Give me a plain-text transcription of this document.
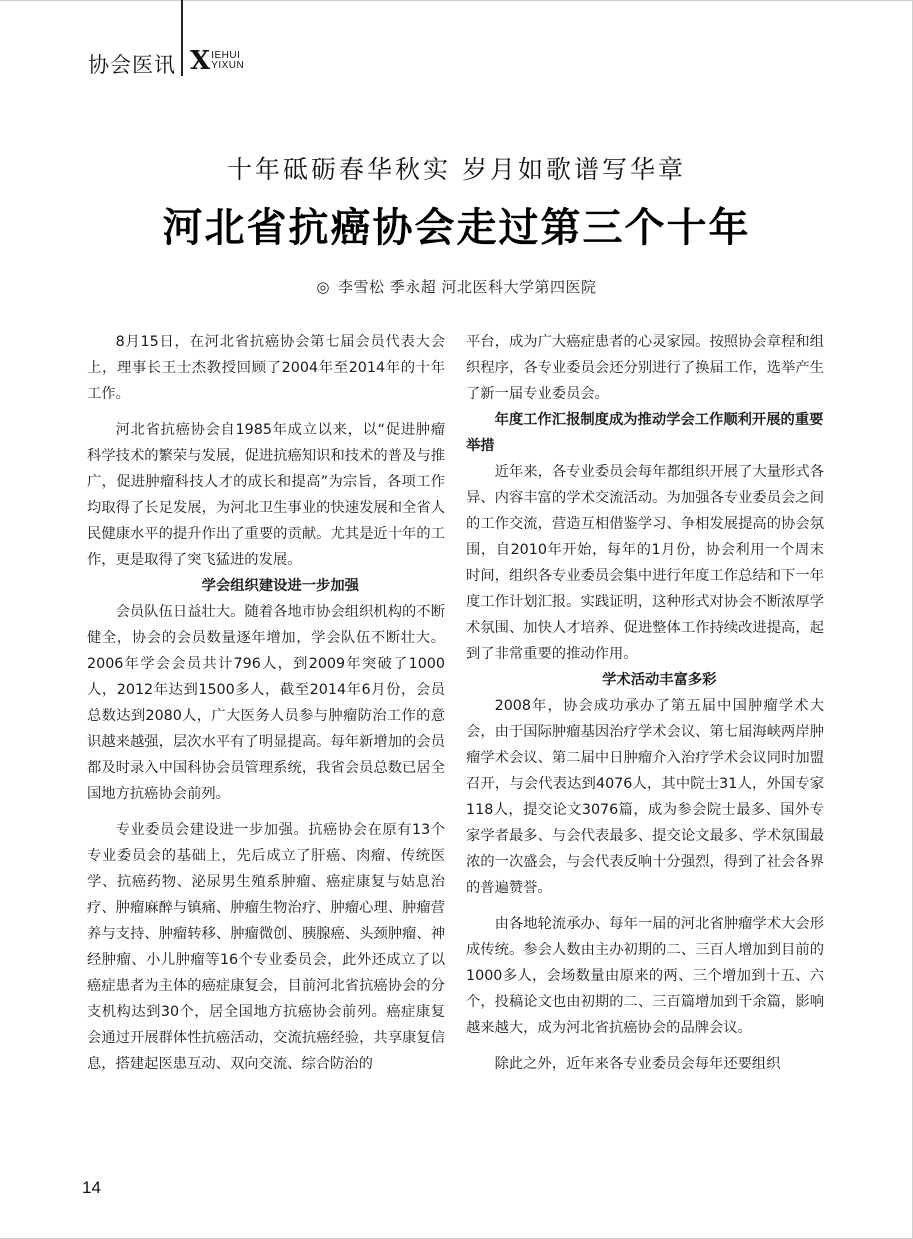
协会医讯 X IEHUI
YIXUN
十年砥砺春华秋实 岁月如歌谱写华章
河北省抗癌协会走过第三个十年
◎ 李雪松 季永超 河北医科大学第四医院

8月15日，在河北省抗癌协会第七届会员代表大会上，理事长王士杰教授回顾了2004年至2014年的十年工作。

河北省抗癌协会自1985年成立以来，以“促进肿瘤科学技术的繁荣与发展，促进抗癌知识和技术的普及与推广，促进肿瘤科技人才的成长和提高”为宗旨，各项工作均取得了长足发展，为河北卫生事业的快速发展和全省人民健康水平的提升作出了重要的贡献。尤其是近十年的工作，更是取得了突飞猛进的发展。

学会组织建设进一步加强

会员队伍日益壮大。随着各地市协会组织机构的不断健全，协会的会员数量逐年增加，学会队伍不断壮大。2006年学会会员共计796人，到2009年突破了1000人，2012年达到1500多人，截至2014年6月份，会员总数达到2080人，广大医务人员参与肿瘤防治工作的意识越来越强，层次水平有了明显提高。每年新增加的会员都及时录入中国科协会员管理系统，我省会员总数已居全国地方抗癌协会前列。

专业委员会建设进一步加强。抗癌协会在原有13个专业委员会的基础上，先后成立了肝癌、肉瘤、传统医学、抗癌药物、泌尿男生殖系肿瘤、癌症康复与姑息治疗、肿瘤麻醉与镇痛、肿瘤生物治疗、肿瘤心理、肿瘤营养与支持、肿瘤转移、肿瘤微创、胰腺癌、头颈肿瘤、神经肿瘤、小儿肿瘤等16个专业委员会，此外还成立了以癌症患者为主体的癌症康复会，目前河北省抗癌协会的分支机构达到30个，居全国地方抗癌协会前列。癌症康复会通过开展群体性抗癌活动，交流抗癌经验，共享康复信息，搭建起医患互动、双向交流、综合防治的

平台，成为广大癌症患者的心灵家园。按照协会章程和组织程序，各专业委员会还分别进行了换届工作，选举产生了新一届专业委员会。

年度工作汇报制度成为推动学会工作顺利开展的重要举措

近年来，各专业委员会每年都组织开展了大量形式各异、内容丰富的学术交流活动。为加强各专业委员会之间的工作交流，营造互相借鉴学习、争相发展提高的协会氛围，自2010年开始，每年的1月份，协会利用一个周末时间，组织各专业委员会集中进行年度工作总结和下一年度工作计划汇报。实践证明，这种形式对协会不断浓厚学术氛围、加快人才培养、促进整体工作持续改进提高，起到了非常重要的推动作用。

学术活动丰富多彩

2008年，协会成功承办了第五届中国肿瘤学术大会，由于国际肿瘤基因治疗学术会议、第七届海峡两岸肿瘤学术会议、第二届中日肿瘤介入治疗学术会议同时加盟召开，与会代表达到4076人，其中院士31人，外国专家118人，提交论文3076篇，成为参会院士最多、国外专家学者最多、与会代表最多、提交论文最多、学术氛围最浓的一次盛会，与会代表反响十分强烈，得到了社会各界的普遍赞誉。

由各地轮流承办、每年一届的河北省肿瘤学术大会形成传统。参会人数由主办初期的二、三百人增加到目前的1000多人，会场数量由原来的两、三个增加到十五、六个，投稿论文也由初期的二、三百篇增加到千余篇，影响越来越大，成为河北省抗癌协会的品牌会议。

除此之外，近年来各专业委员会每年还要组织

14
